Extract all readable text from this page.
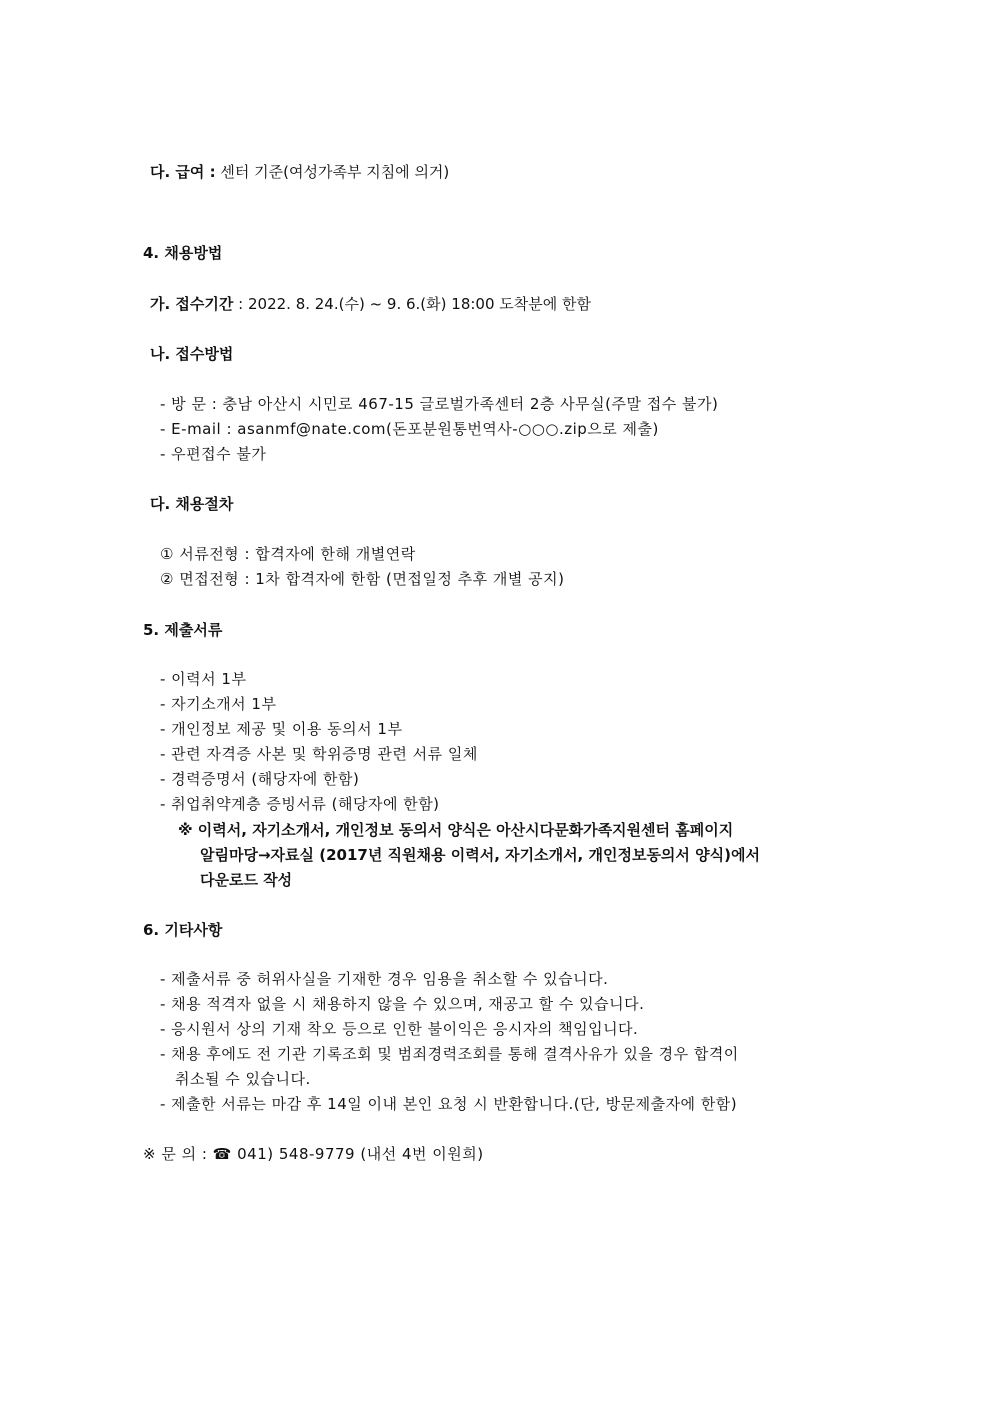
다. 급여 : 센터 기준(여성가족부 지침에 의거)
4. 채용방법
가. 접수기간 : 2022. 8. 24.(수) ~ 9. 6.(화) 18:00 도착분에 한함
나. 접수방법
- 방 문 : 충남 아산시 시민로 467-15 글로벌가족센터 2층 사무실(주말 접수 불가)
- E-mail : asanmf@nate.com(돈포분원통번역사-○○○.zip으로 제출)
- 우편접수 불가
다. 채용절차
① 서류전형 : 합격자에 한해 개별연락
② 면접전형 : 1차 합격자에 한함 (면접일정 추후 개별 공지)
5. 제출서류
- 이력서 1부
- 자기소개서 1부
- 개인정보 제공 및 이용 동의서 1부
- 관련 자격증 사본 및 학위증명 관련 서류 일체
- 경력증명서 (해당자에 한함)
- 취업취약계층 증빙서류 (해당자에 한함)
※ 이력서, 자기소개서, 개인정보 동의서 양식은 아산시다문화가족지원센터 홈페이지
알림마당→자료실 (2017년 직원채용 이력서, 자기소개서, 개인정보동의서 양식)에서
다운로드 작성
6. 기타사항
- 제출서류 중 허위사실을 기재한 경우 임용을 취소할 수 있습니다.
- 채용 적격자 없을 시 채용하지 않을 수 있으며, 재공고 할 수 있습니다.
- 응시원서 상의 기재 착오 등으로 인한 불이익은 응시자의 책임입니다.
- 채용 후에도 전 기관 기록조회 및 범죄경력조회를 통해 결격사유가 있을 경우 합격이
취소될 수 있습니다.
- 제출한 서류는 마감 후 14일 이내 본인 요청 시 반환합니다.(단, 방문제출자에 한함)
※ 문 의 : ☎ 041) 548-9779 (내선 4번 이원희)
